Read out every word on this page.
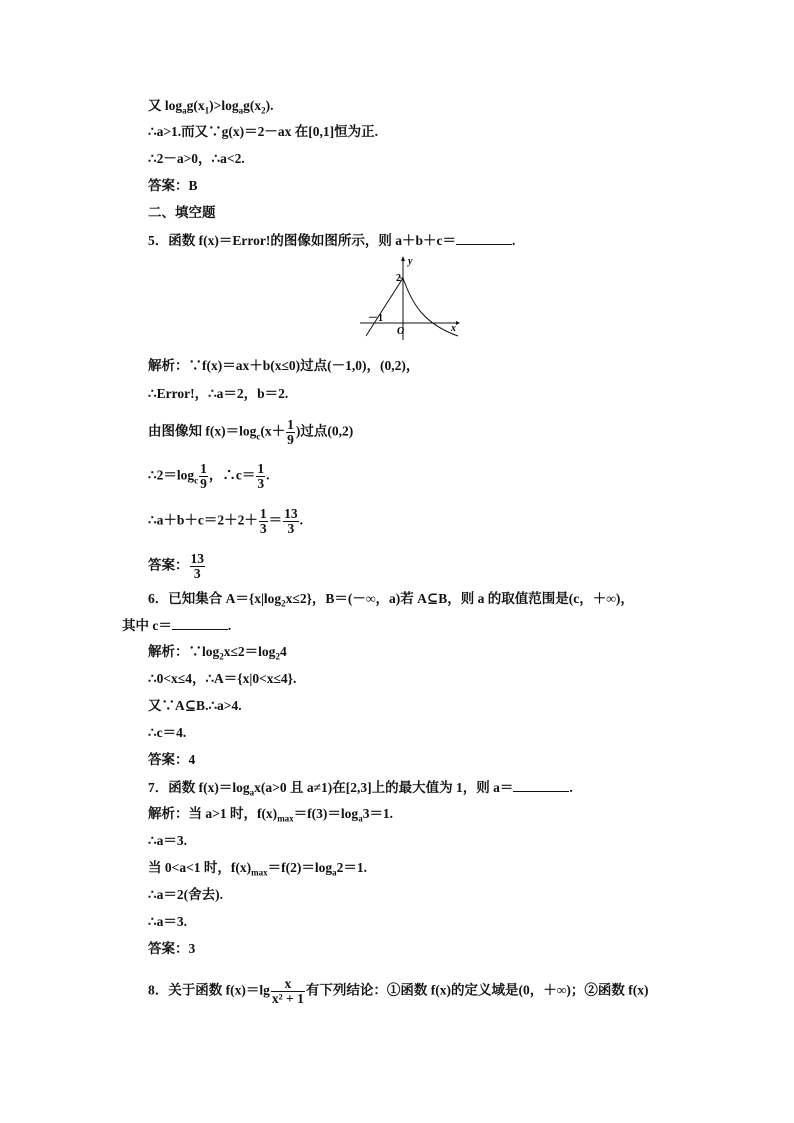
又 $\log_ag(x_1)>\log_ag(x_2)$.
∴a>1.而又∵g(x)＝2－ax 在[0,1]恒为正.
∴2－a>0，∴a<2.
答案：B
二、填空题
5．函数 f(x)＝Error!的图像如图所示，则 a＋b＋c＝	.
y
x
O
2
－1
解析：∵f(x)＝ax＋b(x≤0)过点(－1,0)，(0,2)，
∴Error!，∴a＝2，b＝2.
由图像知 $f(x)=\log_c(x+ \frac{1}{9}$ )过点(0,2)
$\therefore 2=\log_c \frac{1}{9}$ ，∴c＝ $\frac{1}{3}$ .
∴a＋b＋c＝2＋2＋ $\frac{1}{3} = \frac{13}{3}$ .
答案： $\frac{13}{3}$
6．已知集合 $A=\{x|\log_2x\le 2\}$，B＝(－∞，a)若 A⊆B，则 a 的取值范围是(c，＋∞)，
其中 c＝	.
解析：$\because\log_2x\le 2=\log_24$
∴0<x≤4，∴A＝{x|0<x≤4}.
又∵A⊆B.∴a>4.
∴c＝4.
答案：4
7．函数 $f(x)=\log_ax(a>0$ 且 a≠1)在[2,3]上的最大值为 1，则 a＝	.
解析：当 a>1 时，$f(x)_{max}=f(3)=\log_a3=1$.
∴a＝3.
当 0<a<1 时，$f(x)_{max}=f(2)=\log_a2=1$.
∴a＝2(舍去).
∴a＝3.
答案：3
8．关于函数 $f(x)=\lg \frac{x}{\text{x² + 1}}$ 有下列结论：①函数 f(x)的定义域是(0，＋∞)；②函数 f(x)
